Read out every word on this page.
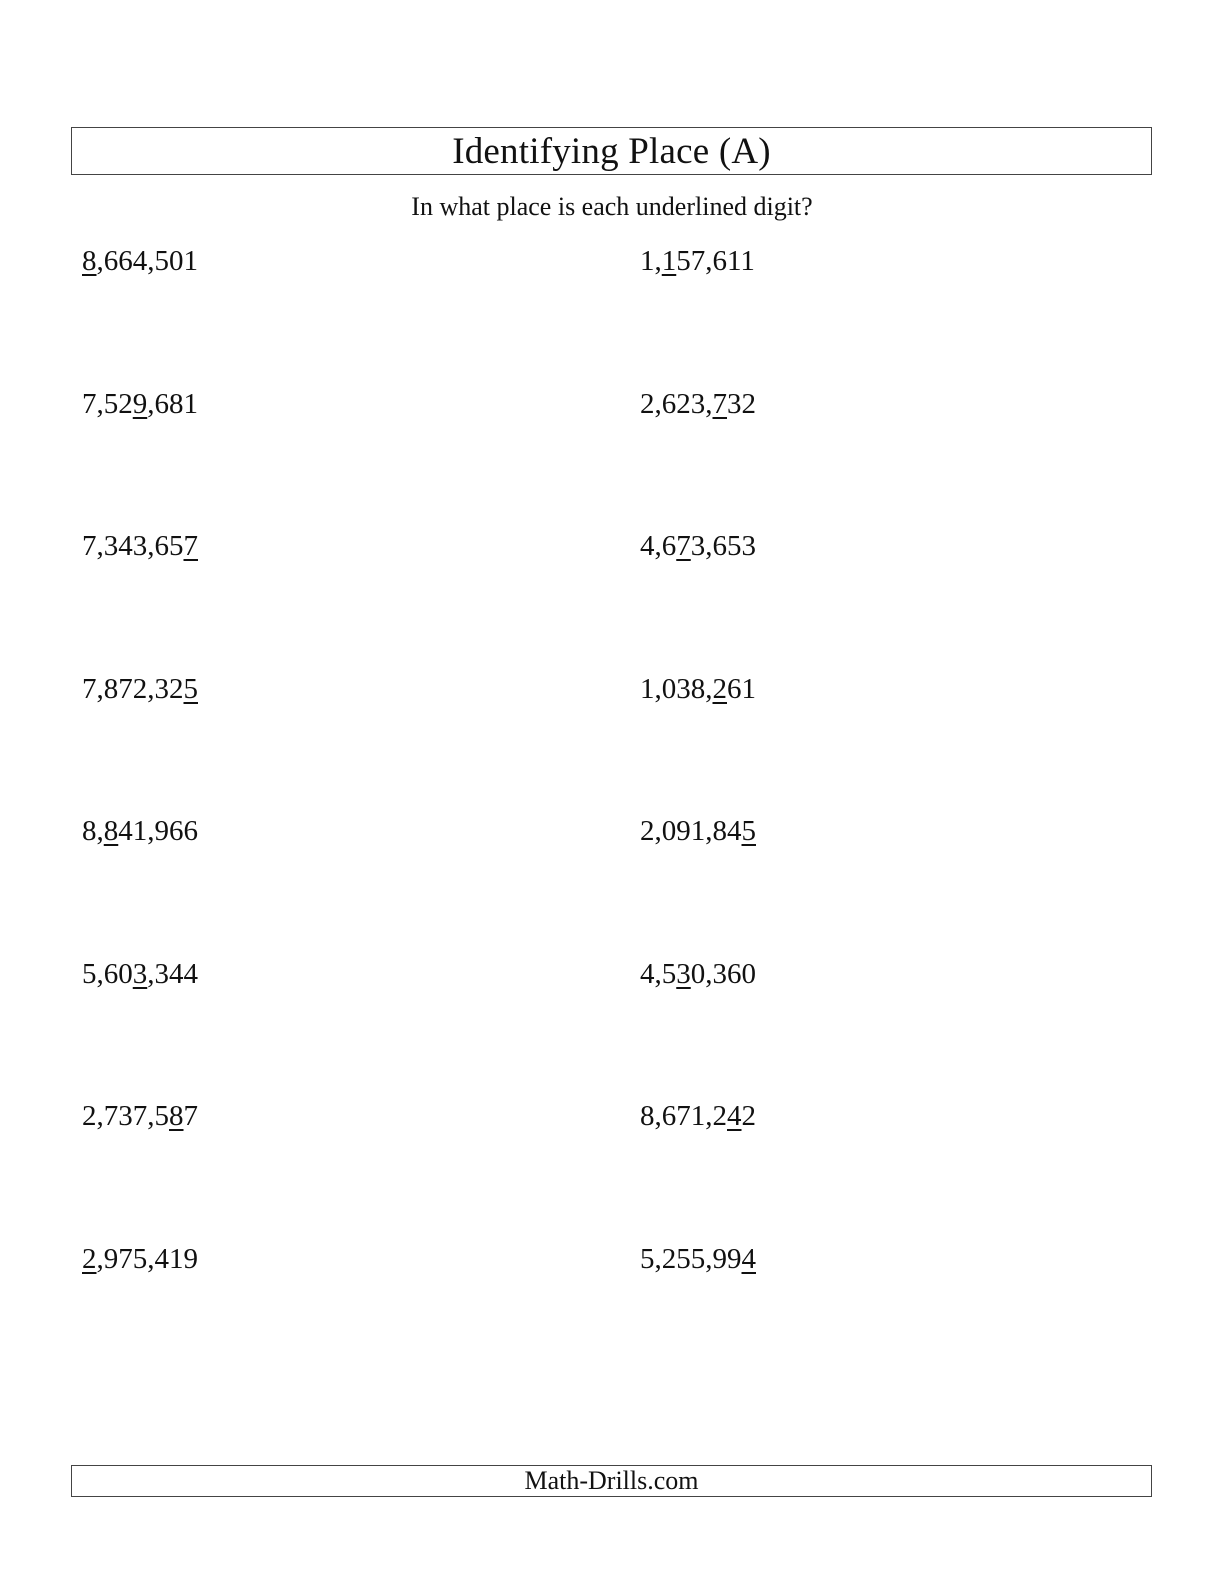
Identifying Place (A)
In what place is each underlined digit?
8,664,501	1,157,611
7,529,681	2,623,732
7,343,657	4,673,653
7,872,325	1,038,261
8,841,966	2,091,845
5,603,344	4,530,360
2,737,587	8,671,242
2,975,419	5,255,994
Math-Drills.com
